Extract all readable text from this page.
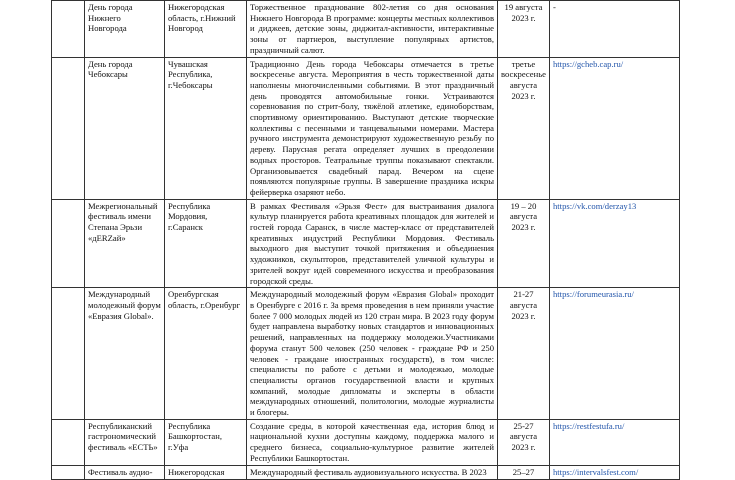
	День города Нижнего Новгорода	Нижегородская область, г.Нижний Новгород	Торжественное празднование 802-летия со дня основания Нижнего Новгорода В программе: концерты местных коллективов и диджеев, детские зоны, диджитал-активности, интерактивные зоны от партнеров, выступление популярных артистов, праздничный салют.	19 августа 2023 г.	-
	День города Чебоксары	Чувашская Республика, г.Чебоксары	Традиционно День города Чебоксары отмечается в третье воскресенье августа. Мероприятия в честь торжественной даты наполнены многочисленными событиями. В этот праздничный день проводятся автомобильные гонки. Устраиваются соревнования по стрит-болу, тяжёлой атлетике, единоборствам, спортивному ориентированию. Выступают детские творческие коллективы с песенными и танцевальными номерами. Мастера ручного инструмента демонстрируют художественную резьбу по дереву. Парусная регата определяет лучших в преодолении водных просторов. Театральные труппы показывают спектакли. Организовывается свадебный парад. Вечером на сцене появляются популярные группы. В завершение праздника искры фейерверка озаряют небо.	третье воскресенье августа 2023 г.	https://gcheb.cap.ru/
	Межрегиональный фестиваль имени Степана Эрьзи «дЕRZай»	Республика Мордовия, г.Саранск	В рамках Фестиваля «Эрьзя Фест» для выстраивания диалога культур планируется работа креативных площадок для жителей и гостей города Саранск, в числе мастер-класс от представителей креативных индустрий Республики Мордовия. Фестиваль выходного дня выступит точкой притяжения и объединения художников, скульпторов, представителей уличной культуры и зрителей вокруг идей современного искусства и преобразования городской среды.	19 – 20 августа 2023 г.	https://vk.com/derzay13
	Международный молодежный форум «Евразия Global».	Оренбургская область, г.Оренбург	Международный молодежный форум «Евразия Global» проходит в Оренбурге с 2016 г. За время проведения в нем приняли участие более 7 000 молодых людей из 120 стран мира. В 2023 году форум будет направлена выработку новых стандартов и инновационных решений, направленных на поддержку молодежи.Участниками форума станут 500 человек (250 человек - граждане РФ и 250 человек - граждане иностранных государств), в том числе: специалисты по работе с детьми и молодежью, молодые специалисты органов государственной власти и крупных компаний, молодые дипломаты и эксперты в области международных отношений, политологии, молодые журналисты и блогеры.	21-27 августа 2023 г.	https://forumeurasia.ru/
	Республиканский гастрономический фестиваль «ЕСТЬ»	Республика Башкортостан, г.Уфа	Создание среды, в которой качественная еда, история блюд и национальной кухни доступны каждому, поддержка малого и среднего бизнеса, социально-культурное развитие жителей Республики Башкортостан.	25-27 августа 2023 г.	https://restfestufa.ru/
	Фестиваль аудио-	Нижегородская	Международный фестиваль аудиовизуального искусства. В 2023	25–27	https://intervalsfest.com/
